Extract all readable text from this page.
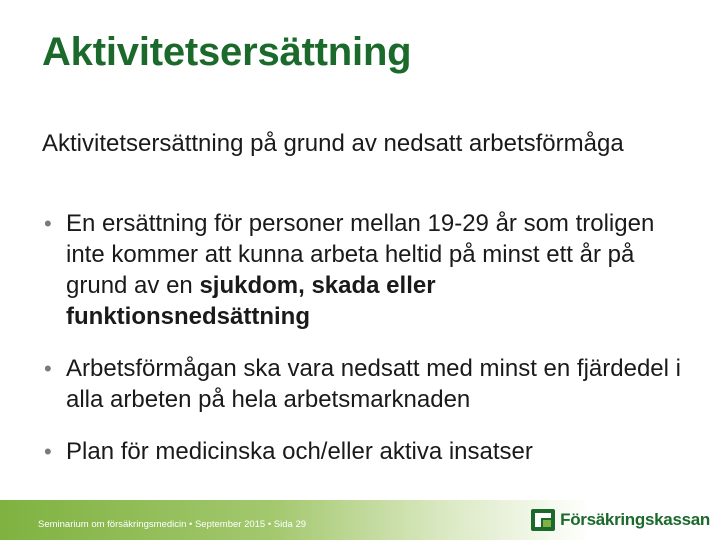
Aktivitetsersättning

Aktivitetsersättning på grund av nedsatt arbetsförmåga

• En ersättning för personer mellan 19-29 år som troligen inte kommer att kunna arbeta heltid på minst ett år på grund av en sjukdom, skada eller funktionsnedsättning
• Arbetsförmågan ska vara nedsatt med minst en fjärdedel i alla arbeten på hela arbetsmarknaden
• Plan för medicinska och/eller aktiva insatser
Seminarium om försäkringsmedicin • September 2015 • Sida 29	Försäkringskassan
